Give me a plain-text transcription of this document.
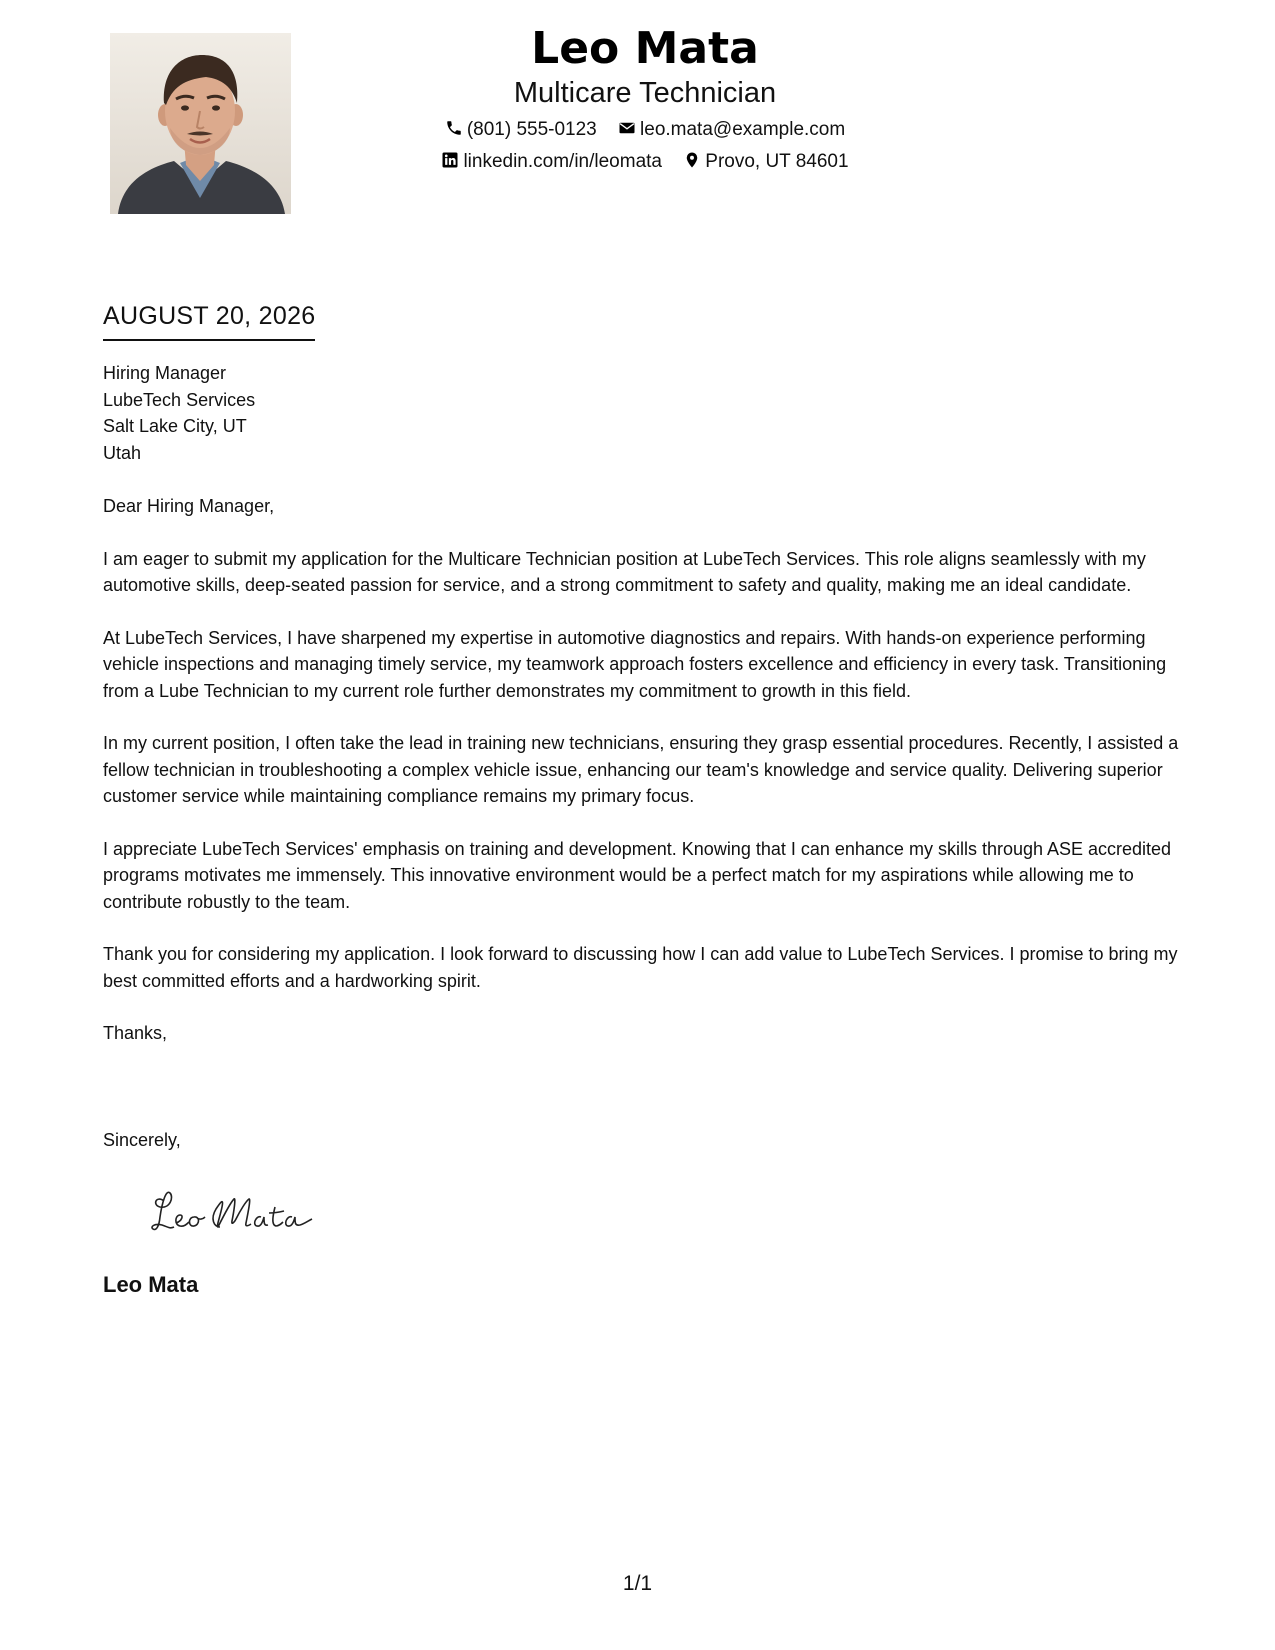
Leo Mata
Multicare Technician
(801) 555-0123 leo.mata@example.com
linkedin.com/in/leomata Provo, UT 84601
AUGUST 20, 2026
Hiring Manager
LubeTech Services
Salt Lake City, UT
Utah

Dear Hiring Manager,

I am eager to submit my application for the Multicare Technician position at LubeTech Services. This role aligns seamlessly with my automotive skills, deep-seated passion for service, and a strong commitment to safety and quality, making me an ideal candidate.

At LubeTech Services, I have sharpened my expertise in automotive diagnostics and repairs. With hands-on experience performing vehicle inspections and managing timely service, my teamwork approach fosters excellence and efficiency in every task. Transitioning from a Lube Technician to my current role further demonstrates my commitment to growth in this field.

In my current position, I often take the lead in training new technicians, ensuring they grasp essential procedures. Recently, I assisted a fellow technician in troubleshooting a complex vehicle issue, enhancing our team's knowledge and service quality. Delivering superior customer service while maintaining compliance remains my primary focus.

I appreciate LubeTech Services' emphasis on training and development. Knowing that I can enhance my skills through ASE accredited programs motivates me immensely. This innovative environment would be a perfect match for my aspirations while allowing me to contribute robustly to the team.

Thank you for considering my application. I look forward to discussing how I can add value to LubeTech Services. I promise to bring my best committed efforts and a hardworking spirit.

Thanks,

Sincerely,
Leo Mata
1/1
